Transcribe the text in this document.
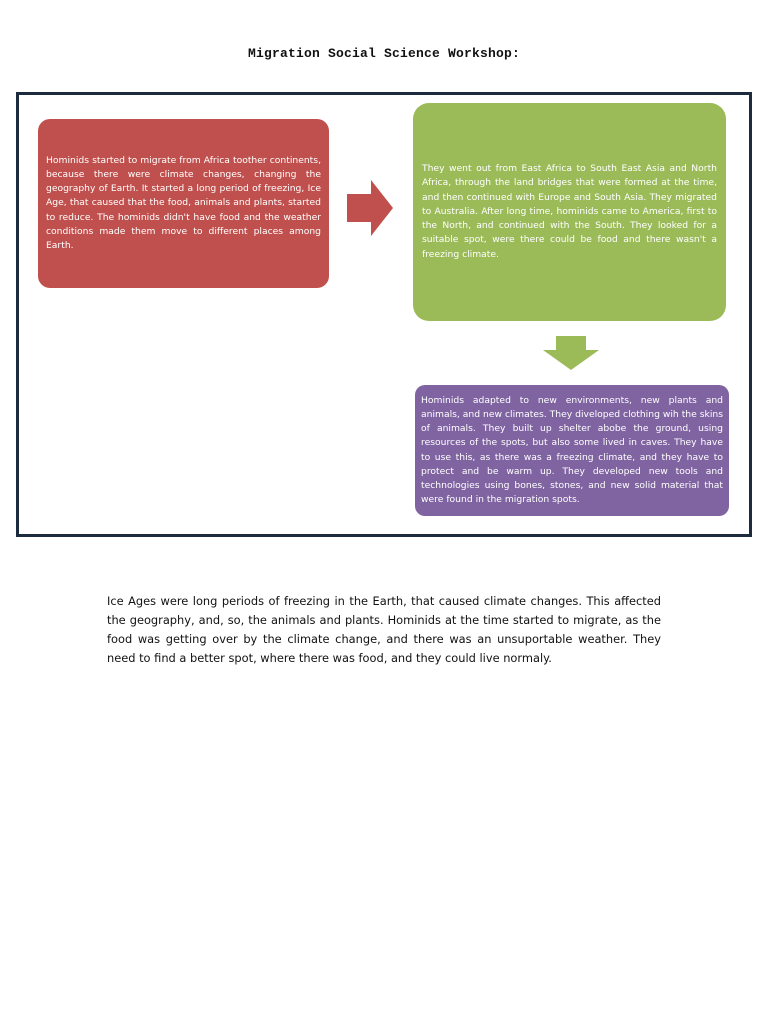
Migration Social Science Workshop:

Hominids started to migrate from Africa toother continents, because there were climate changes, changing the geography of Earth. It started a long period of freezing, Ice Age, that caused that the food, animals and plants, started to reduce. The hominids didn't have food and the weather conditions made them move to different places among Earth.

They went out from East Africa to South East Asia and North Africa, through the land bridges that were formed at the time, and then continued with Europe and South Asia. They migrated to Australia. After long time, hominids came to America, first to the North, and continued with the South. They looked for a suitable spot, were there could be food and there wasn't a freezing climate.

Hominids adapted to new environments, new plants and animals, and new climates. They diveloped clothing wih the skins of animals. They built up shelter abobe the ground, using resources of the spots, but also some lived in caves. They have to use this, as there was a freezing climate, and they have to protect and be warm up. They developed new tools and technologies using bones, stones, and new solid material that were found in the migration spots.

Ice Ages were long periods of freezing in the Earth, that caused climate changes. This affected the geography, and, so, the animals and plants. Hominids at the time started to migrate, as the food was getting over by the climate change, and there was an unsuportable weather. They need to find a better spot, where there was food, and they could live normaly.
